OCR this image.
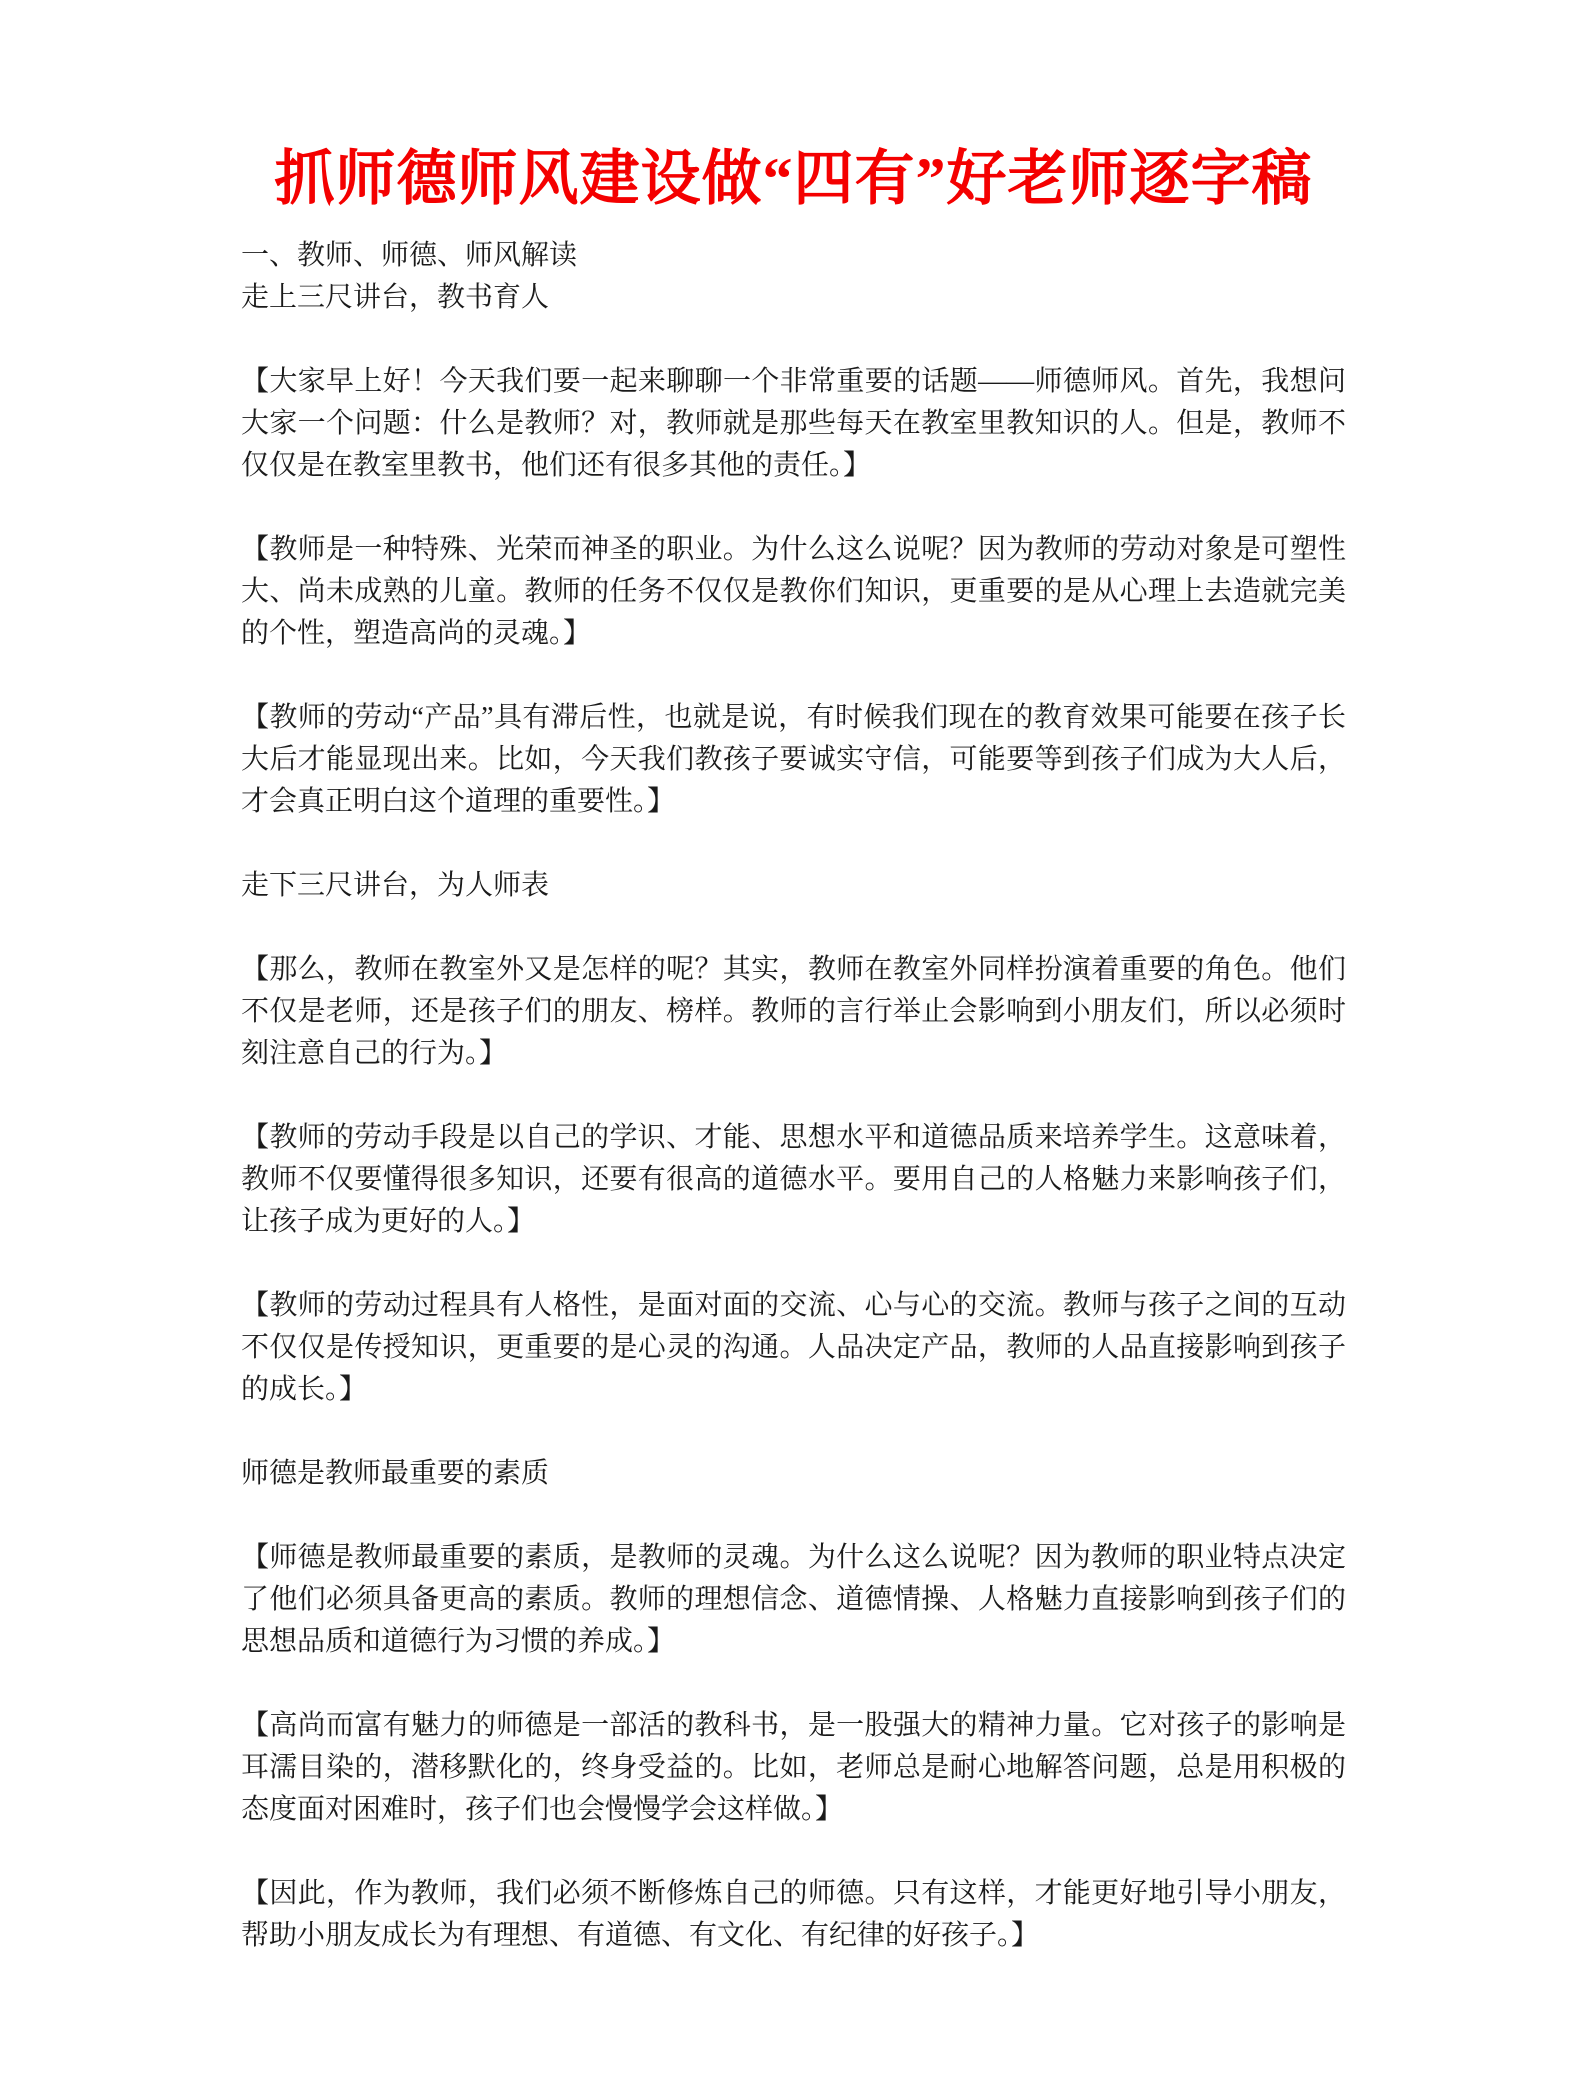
抓师德师风建设做“四有”好老师逐字稿

一、教师、师德、师风解读

走上三尺讲台，教书育人

【大家早上好！今天我们要一起来聊聊一个非常重要的话题——师德师风。首先，我想问大家一个问题：什么是教师？对，教师就是那些每天在教室里教知识的人。但是，教师不仅仅是在教室里教书，他们还有很多其他的责任。】

【教师是一种特殊、光荣而神圣的职业。为什么这么说呢？因为教师的劳动对象是可塑性大、尚未成熟的儿童。教师的任务不仅仅是教你们知识，更重要的是从心理上去造就完美的个性，塑造高尚的灵魂。】

【教师的劳动“产品”具有滞后性，也就是说，有时候我们现在的教育效果可能要在孩子长大后才能显现出来。比如，今天我们教孩子要诚实守信，可能要等到孩子们成为大人后，才会真正明白这个道理的重要性。】

走下三尺讲台，为人师表

【那么，教师在教室外又是怎样的呢？其实，教师在教室外同样扮演着重要的角色。他们不仅是老师，还是孩子们的朋友、榜样。教师的言行举止会影响到小朋友们，所以必须时刻注意自己的行为。】

【教师的劳动手段是以自己的学识、才能、思想水平和道德品质来培养学生。这意味着，教师不仅要懂得很多知识，还要有很高的道德水平。要用自己的人格魅力来影响孩子们，让孩子成为更好的人。】

【教师的劳动过程具有人格性，是面对面的交流、心与心的交流。教师与孩子之间的互动不仅仅是传授知识，更重要的是心灵的沟通。人品决定产品，教师的人品直接影响到孩子的成长。】

师德是教师最重要的素质

【师德是教师最重要的素质，是教师的灵魂。为什么这么说呢？因为教师的职业特点决定了他们必须具备更高的素质。教师的理想信念、道德情操、人格魅力直接影响到孩子们的思想品质和道德行为习惯的养成。】

【高尚而富有魅力的师德是一部活的教科书，是一股强大的精神力量。它对孩子的影响是耳濡目染的，潜移默化的，终身受益的。比如，老师总是耐心地解答问题，总是用积极的态度面对困难时，孩子们也会慢慢学会这样做。】

【因此，作为教师，我们必须不断修炼自己的师德。只有这样，才能更好地引导小朋友，帮助小朋友成长为有理想、有道德、有文化、有纪律的好孩子。】
